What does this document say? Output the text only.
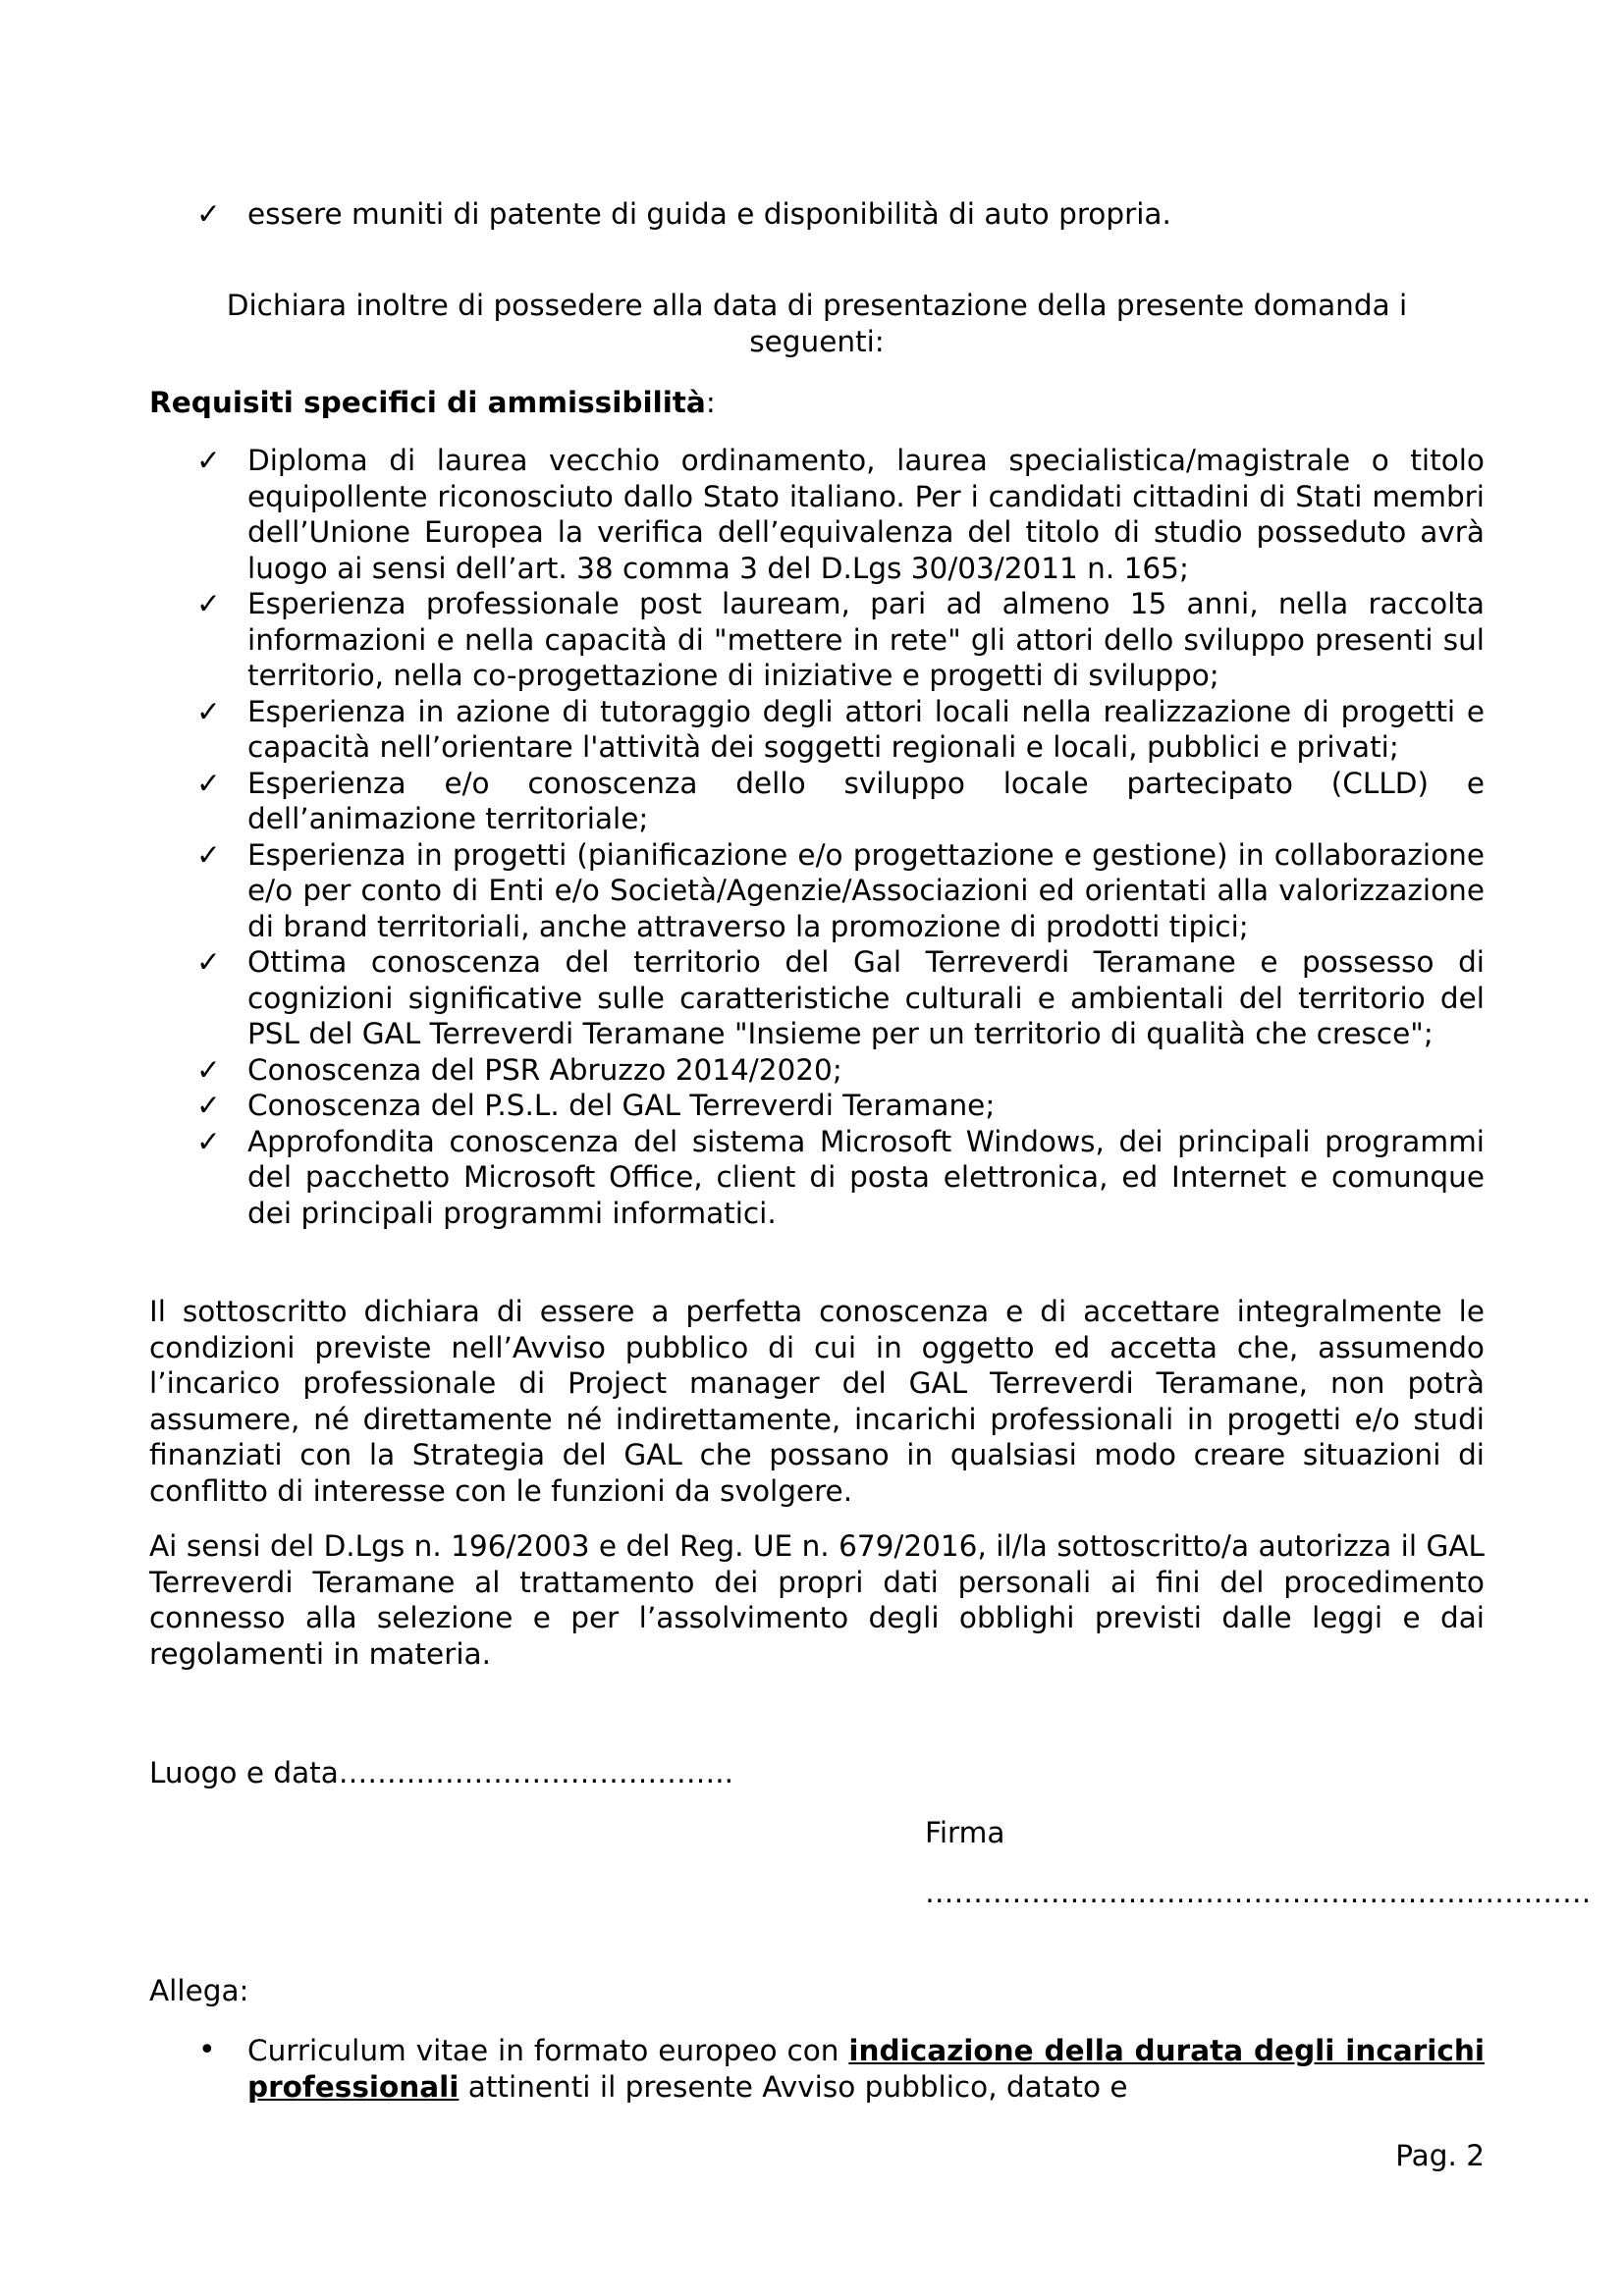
✓ essere muniti di patente di guida e disponibilità di auto propria.
Dichiara inoltre di possedere alla data di presentazione della presente domanda i seguenti:
Requisiti specifici di ammissibilità:
✓ Diploma di laurea vecchio ordinamento, laurea specialistica/magistrale o titolo equipollente riconosciuto dallo Stato italiano. Per i candidati cittadini di Stati membri dell’Unione Europea la verifica dell’equivalenza del titolo di studio posseduto avrà luogo ai sensi dell’art. 38 comma 3 del D.Lgs 30/03/2011 n. 165;
✓ Esperienza professionale post lauream, pari ad almeno 15 anni, nella raccolta informazioni e nella capacità di "mettere in rete" gli attori dello sviluppo presenti sul territorio, nella co-progettazione di iniziative e progetti di sviluppo;
✓ Esperienza in azione di tutoraggio degli attori locali nella realizzazione di progetti e capacità nell’orientare l'attività dei soggetti regionali e locali, pubblici e privati;
✓ Esperienza e/o conoscenza dello sviluppo locale partecipato (CLLD) e dell’animazione territoriale;
✓ Esperienza in progetti (pianificazione e/o progettazione e gestione) in collaborazione e/o per conto di Enti e/o Società/Agenzie/Associazioni ed orientati alla valorizzazione di brand territoriali, anche attraverso la promozione di prodotti tipici;
✓ Ottima conoscenza del territorio del Gal Terreverdi Teramane e possesso di cognizioni significative sulle caratteristiche culturali e ambientali del territorio del PSL del GAL Terreverdi Teramane "Insieme per un territorio di qualità che cresce";
✓ Conoscenza del PSR Abruzzo 2014/2020;
✓ Conoscenza del P.S.L. del GAL Terreverdi Teramane;
✓ Approfondita conoscenza del sistema Microsoft Windows, dei principali programmi del pacchetto Microsoft Office, client di posta elettronica, ed Internet e comunque dei principali programmi informatici.
Il sottoscritto dichiara di essere a perfetta conoscenza e di accettare integralmente le condizioni previste nell’Avviso pubblico di cui in oggetto ed accetta che, assumendo l’incarico professionale di Project manager del GAL Terreverdi Teramane, non potrà assumere, né direttamente né indirettamente, incarichi professionali in progetti e/o studi finanziati con la Strategia del GAL che possano in qualsiasi modo creare situazioni di conflitto di interesse con le funzioni da svolgere.
Ai sensi del D.Lgs n. 196/2003 e del Reg. UE n. 679/2016, il/la sottoscritto/a autorizza il GAL Terreverdi Teramane al trattamento dei propri dati personali ai fini del procedimento connesso alla selezione e per l’assolvimento degli obblighi previsti dalle leggi e dai regolamenti in materia.
Luogo e data…………………………………..
Firma
……………………………………………………………
Allega:
•	Curriculum vitae in formato europeo con indicazione della durata degli incarichi professionali attinenti il presente Avviso pubblico, datato e
Pag. 2
